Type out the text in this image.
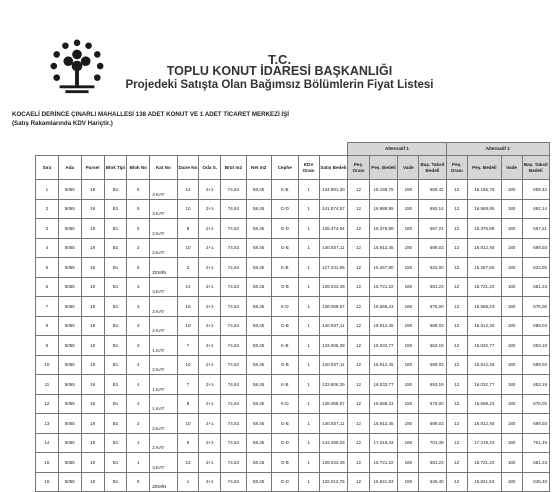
T.C.
TOPLU KONUT İDARESİ BAŞKANLIĞI
Projedeki Satışta Olan Bağımsız Bölümlerin Fiyat Listesi
KOCAELİ DERİNCE ÇINARLI MAHALLESİ 138 ADET KONUT VE 1 ADET TİCARET MERKEZİ İŞİ
(Satış Rakamlarında KDV Hariçtir.)
													Alternatif 1				Alternatif 2			
Sıra	Ada	Parsel	Blok Tipi	Blok No	Kat No	Daire No	Oda S.	Brüt m2	Net m2	Cephe	KDV Oranı	Satış Bedeli	Peş. Oranı	Peş. Bedeli	Vade	Baş. Taksit Bedeli	Peş. Oranı	Peş. Bedeli	Vade	Baş. Taksit Bedeli
1	5055	19	B1	5	3.KAT	14	2+1	74,63	58,45	K-B	1	134.881,30	12	16.185,76	180	659,42	12	16.185,76	180	659,42
2	5055	19	B1	5	3.KAT	10	2+1	74,63	58,45	G-D	1	141.574,57	12	16.988,95	180	692,14	12	16.988,95	180	692,14
3	5055	19	B1	5	2.KAT	9	2+1	74,63	58,45	G-D	1	136.474,94	12	16.376,99	180	667,21	12	16.376,99	180	667,21
4	5055	19	B1	2	2.KAT	10	2+1	74,63	58,45	G-B	1	140.937,11	12	16.912,45	180	689,03	12	16.912,45	180	689,03
5	5055	19	B1	5	ZEMİN	3	2+1	74,63	58,45	K-B	1	127.231,65	12	15.267,80	180	622,00	12	15.267,80	180	622,00
6	5055	19	B1	3	3.KAT	14	2+1	74,63	58,45	G-B	1	139.343,49	12	16.721,22	180	681,23	12	16.721,22	180	681,23
7	5055	19	B1	3	3.KAT	16	2+1	74,63	58,45	K-D	1	138.068,57	12	16.568,23	180	675,00	12	16.568,23	180	675,00
8	5055	19	B1	3	2.KAT	10	2+1	74,63	58,45	G-B	1	140.937,11	12	16.912,45	180	689,03	12	16.912,45	180	689,03
9	5055	19	B1	3	1.KAT	7	2+1	74,63	58,45	K-B	1	133.606,39	12	16.032,77	180	653,19	12	16.032,77	180	653,19
10	5055	19	B1	4	2.KAT	10	2+1	74,63	58,45	G-B	1	140.937,11	12	16.912,45	180	689,03	12	16.912,45	180	689,03
11	5055	19	B1	4	1.KAT	7	2+1	74,63	58,45	K-B	1	133.606,39	12	16.032,77	180	653,19	12	16.032,77	180	653,19
12	5055	19	B1	4	1.KAT	8	2+1	74,63	58,45	K-D	1	138.068,57	12	16.568,23	180	675,00	12	16.568,23	180	675,00
13	5055	19	B1	2	2.KAT	10	2+1	74,63	58,45	G-B	1	140.937,11	12	16.912,45	180	689,03	12	16.912,45	180	689,03
14	5055	19	B1	1	2.KAT	9	2+1	74,63	58,45	G-D	1	143.498,03	12	17.219,43	180	701,49	12	17.219,43	180	701,49
15	5055	19	B1	1	3.KAT	13	2+1	74,63	58,45	G-B	1	139.343,49	12	16.721,22	180	681,23	12	16.721,22	180	681,23
16	5055	19	B1	5	ZEMİN	1	2+1	74,63	58,45	G-D	1	132.012,76	12	15.841,53	180	645,40	12	15.841,53	180	645,40
